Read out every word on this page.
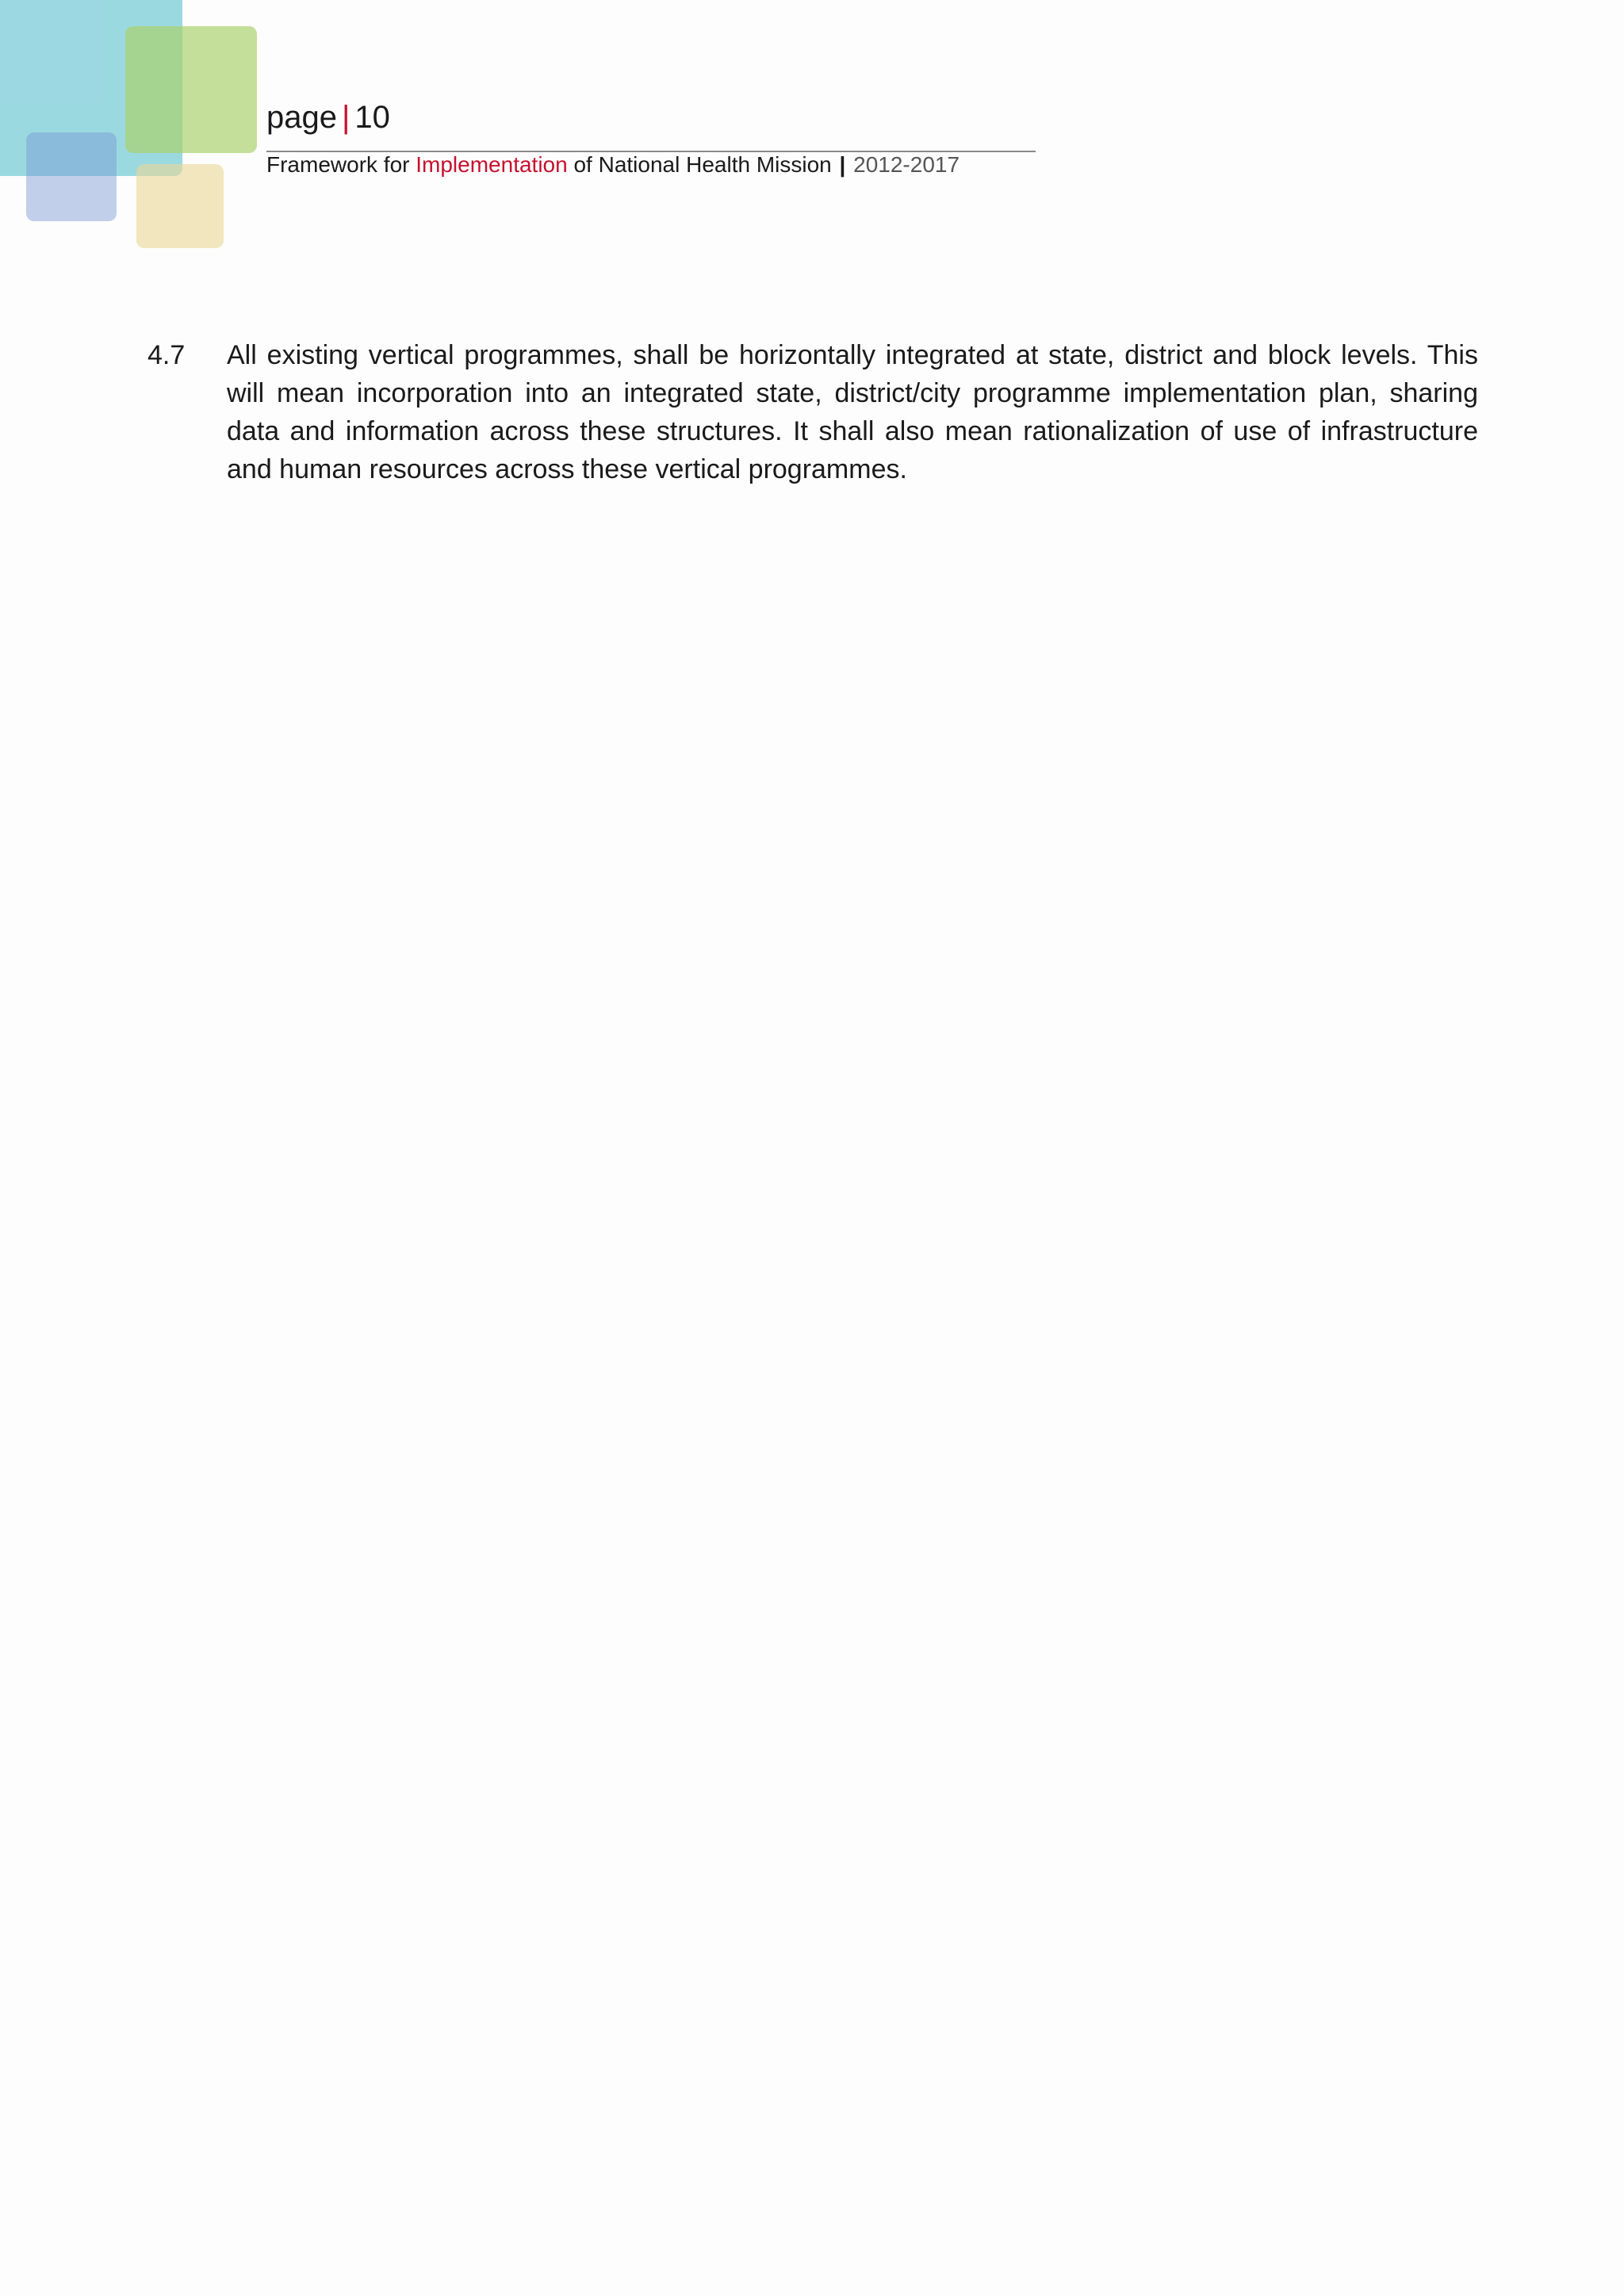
page | 10
Framework for Implementation of National Health Mission | 2012-2017
4.7 All existing vertical programmes, shall be horizontally integrated at state, district and block levels. This will mean incorporation into an integrated state, district/city programme implementation plan, sharing data and information across these structures. It shall also mean rationalization of use of infrastructure and human resources across these vertical programmes.
